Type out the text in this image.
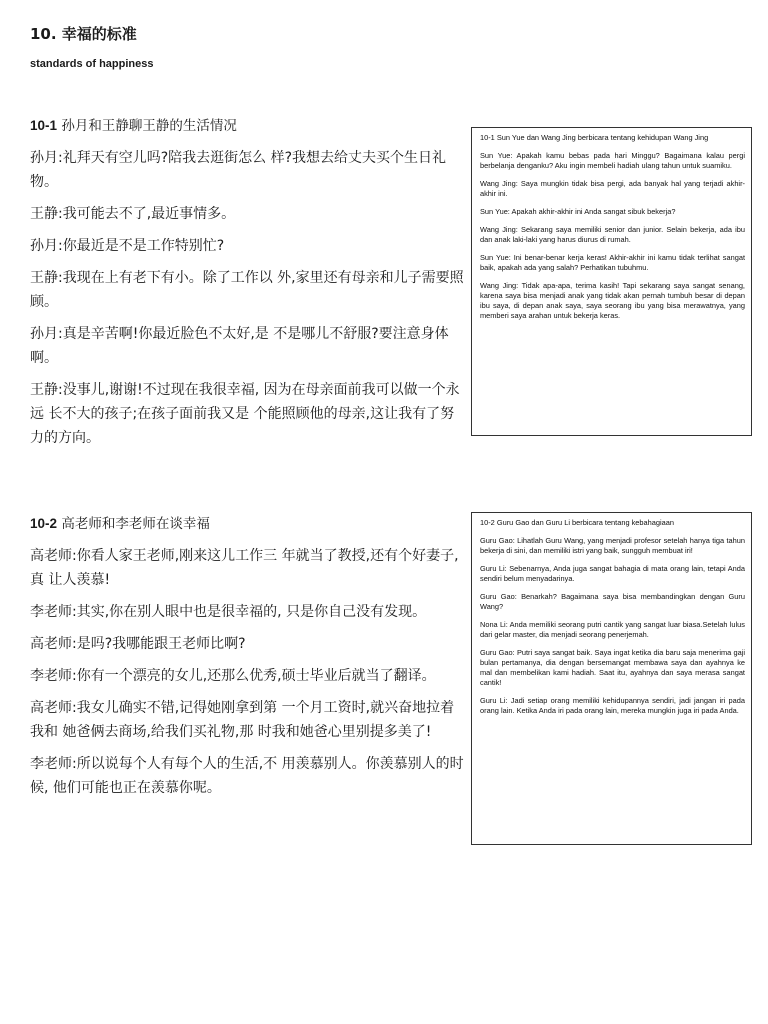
10. 幸福的标准
standards of happiness
10-1 孙月和王静聊王静的生活情况

孙月:礼拜天有空儿吗?陪我去逛街怎么 样?我想去给丈夫买个生日礼物。

王静:我可能去不了,最近事情多。

孙月:你最近是不是工作特别忙?

王静:我现在上有老下有小。除了工作以 外,家里还有母亲和儿子需要照顾。

孙月:真是辛苦啊!你最近脸色不太好,是 不是哪儿不舒服?要注意身体啊。

王静:没事儿,谢谢!不过现在我很幸福, 因为在母亲面前我可以做一个永远 长不大的孩子;在孩子面前我又是 个能照顾他的母亲,这让我有了努 力的方向。

10-1 Sun Yue dan Wang Jing berbicara tentang kehidupan Wang Jing

Sun Yue: Apakah kamu bebas pada hari Minggu? Bagaimana kalau pergi berbelanja denganku? Aku ingin membeli hadiah ulang tahun untuk suamiku.

Wang Jing: Saya mungkin tidak bisa pergi, ada banyak hal yang terjadi akhir-akhir ini.

Sun Yue: Apakah akhir-akhir ini Anda sangat sibuk bekerja?

Wang Jing: Sekarang saya memiliki senior dan junior. Selain bekerja, ada ibu dan anak laki-laki yang harus diurus di rumah.

Sun Yue: Ini benar-benar kerja keras! Akhir-akhir ini kamu tidak terlihat sangat baik, apakah ada yang salah? Perhatikan tubuhmu.

Wang Jing: Tidak apa-apa, terima kasih! Tapi sekarang saya sangat senang, karena saya bisa menjadi anak yang tidak akan pernah tumbuh besar di depan ibu saya, di depan anak saya, saya seorang ibu yang bisa merawatnya, yang memberi saya arahan untuk bekerja keras.

10-2 高老师和李老师在谈幸福

高老师:你看人家王老师,刚来这儿工作三 年就当了教授,还有个好妻子,真 让人羡慕!

李老师:其实,你在别人眼中也是很幸福的, 只是你自己没有发现。

高老师:是吗?我哪能跟王老师比啊?

李老师:你有一个漂亮的女儿,还那么优秀,硕士毕业后就当了翻译。

高老师:我女儿确实不错,记得她刚拿到第 一个月工资时,就兴奋地拉着我和 她爸俩去商场,给我们买礼物,那 时我和她爸心里别提多美了!

李老师:所以说每个人有每个人的生活,不 用羡慕别人。你羡慕别人的时候, 他们可能也正在羡慕你呢。

10-2 Guru Gao dan Guru Li berbicara tentang kebahagiaan

Guru Gao: Lihatlah Guru Wang, yang menjadi profesor setelah hanya tiga tahun bekerja di sini, dan memiliki istri yang baik, sungguh membuat iri!

Guru Li: Sebenarnya, Anda juga sangat bahagia di mata orang lain, tetapi Anda sendiri belum menyadarinya.

Guru Gao: Benarkah? Bagaimana saya bisa membandingkan dengan Guru Wang?

Nona Li: Anda memiliki seorang putri cantik yang sangat luar biasa.Setelah lulus dari gelar master, dia menjadi seorang penerjemah.

Guru Gao: Putri saya sangat baik. Saya ingat ketika dia baru saja menerima gaji bulan pertamanya, dia dengan bersemangat membawa saya dan ayahnya ke mal dan membelikan kami hadiah. Saat itu, ayahnya dan saya merasa sangat cantik!

Guru Li: Jadi setiap orang memiliki kehidupannya sendiri, jadi jangan iri pada orang lain. Ketika Anda iri pada orang lain, mereka mungkin juga iri pada Anda.
